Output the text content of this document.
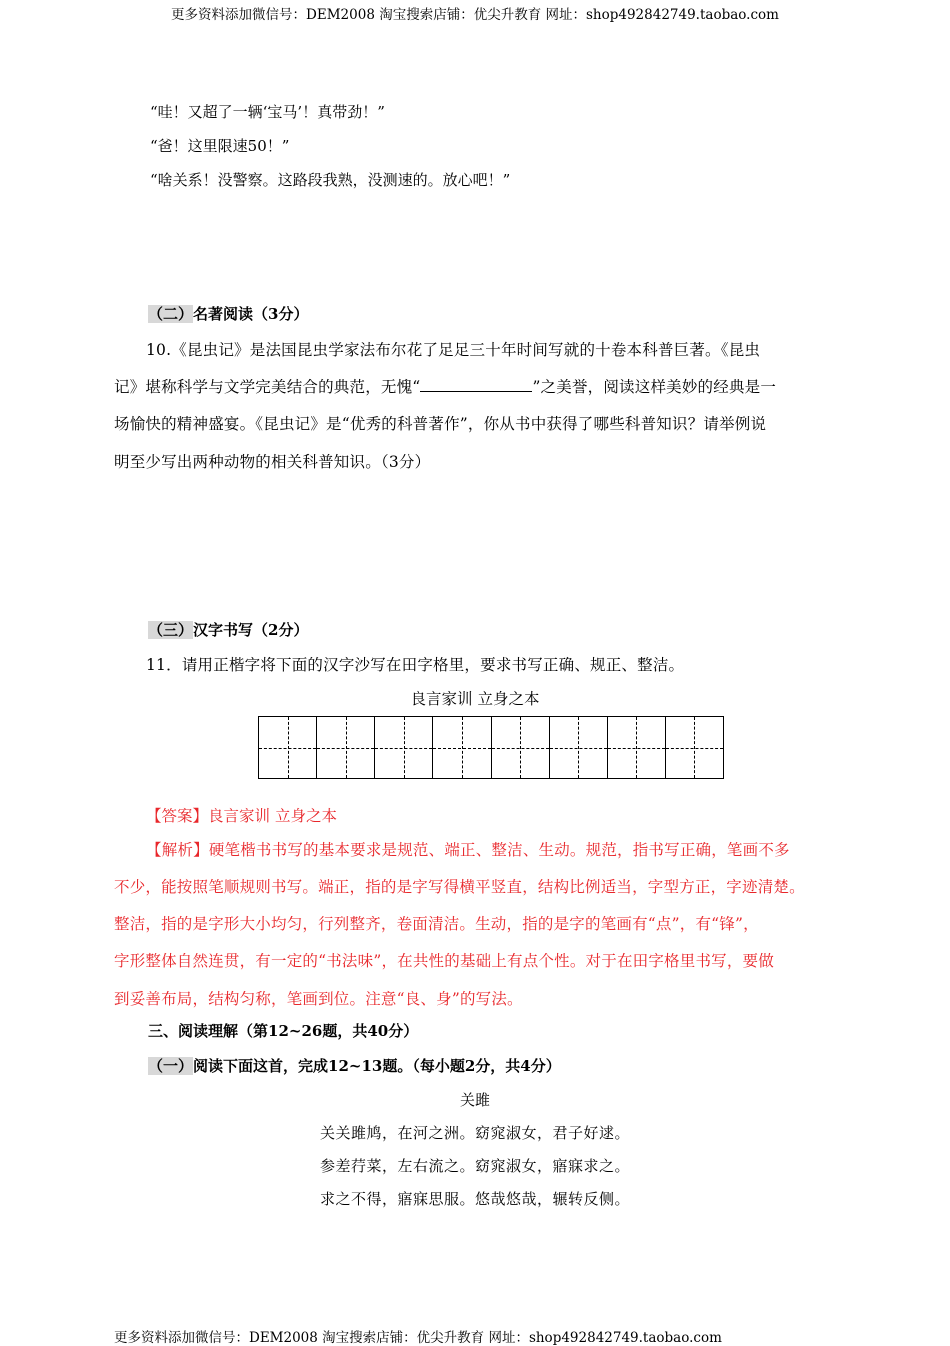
更多资料添加微信号：DEM2008 淘宝搜索店铺：优尖升教育 网址：shop492842749.taobao.com
“哇！又超了一辆‘宝马’！真带劲！”
“爸！这里限速50！”
“啥关系！没警察。这路段我熟，没测速的。放心吧！”
（二）名著阅读（3分）
10.《昆虫记》是法国昆虫学家法布尔花了足足三十年时间写就的十卷本科普巨著。《昆虫
记》堪称科学与文学完美结合的典范，无愧“	”之美誉，阅读这样美妙的经典是一
场愉快的精神盛宴。《昆虫记》是“优秀的科普著作”，你从书中获得了哪些科普知识？请举例说
明至少写出两种动物的相关科普知识。（3分）
（三）汉字书写（2分）
11．请用正楷字将下面的汉字沙写在田字格里，要求书写正确、规正、整洁。
良言家训 立身之本
【答案】良言家训 立身之本
【解析】硬笔楷书书写的基本要求是规范、端正、整洁、生动。规范，指书写正确，笔画不多
不少，能按照笔顺规则书写。端正，指的是字写得横平竖直，结构比例适当，字型方正，字迹清楚。
整洁，指的是字形大小均匀，行列整齐，卷面清洁。生动，指的是字的笔画有“点”，有“锋”，
字形整体自然连贯，有一定的“书法味”，在共性的基础上有点个性。对于在田字格里书写，要做
到妥善布局，结构匀称，笔画到位。注意“良、身”的写法。
三、阅读理解（第12~26题，共40分）
（一）阅读下面这首，完成12~13题。（每小题2分，共4分）
关雎
关关雎鸠，在河之洲。窈窕淑女，君子好逑。
参差荇菜，左右流之。窈窕淑女，寤寐求之。
求之不得，寤寐思服。悠哉悠哉，辗转反侧。
更多资料添加微信号：DEM2008 淘宝搜索店铺：优尖升教育 网址：shop492842749.taobao.com
